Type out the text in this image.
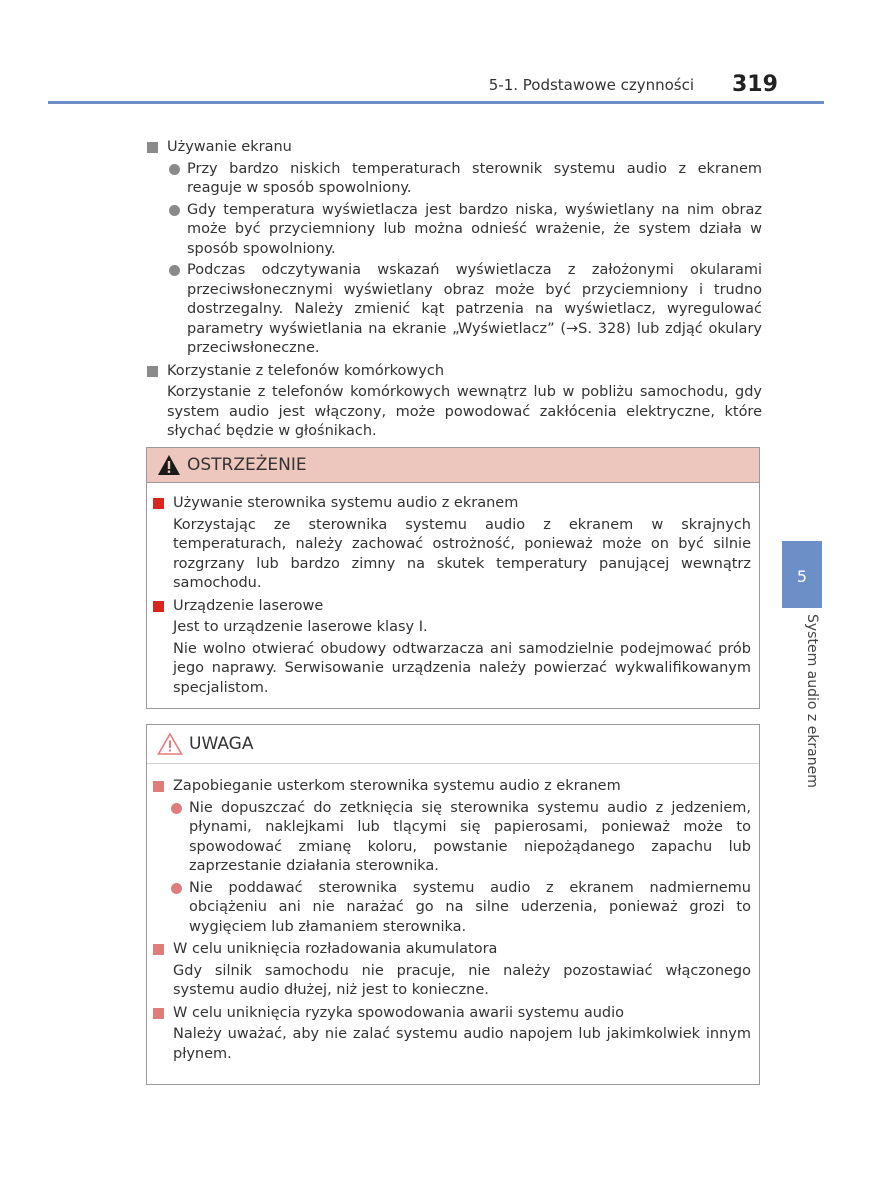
5-1. Podstawowe czynności 319
5
System audio z ekranem
Używanie ekranu
Przy bardzo niskich temperaturach sterownik systemu audio z ekranem reaguje w sposób spowolniony.
Gdy temperatura wyświetlacza jest bardzo niska, wyświetlany na nim obraz może być przyciemniony lub można odnieść wrażenie, że system działa w sposób spowolniony.
Podczas odczytywania wskazań wyświetlacza z założonymi okularami przeciwsłonecznymi wyświetlany obraz może być przyciemniony i trudno dostrzegalny. Należy zmienić kąt patrzenia na wyświetlacz, wyregulować parametry wyświetlania na ekranie „Wyświetlacz” (→S. 328) lub zdjąć okulary przeciwsłoneczne.
Korzystanie z telefonów komórkowych
Korzystanie z telefonów komórkowych wewnątrz lub w pobliżu samochodu, gdy system audio jest włączony, może powodować zakłócenia elektryczne, które słychać będzie w głośnikach.
OSTRZEŻENIE
Używanie sterownika systemu audio z ekranem
Korzystając ze sterownika systemu audio z ekranem w skrajnych temperaturach, należy zachować ostrożność, ponieważ może on być silnie rozgrzany lub bardzo zimny na skutek temperatury panującej wewnątrz samochodu.
Urządzenie laserowe
Jest to urządzenie laserowe klasy I.
Nie wolno otwierać obudowy odtwarzacza ani samodzielnie podejmować prób jego naprawy. Serwisowanie urządzenia należy powierzać wykwalifikowanym specjalistom.
UWAGA
Zapobieganie usterkom sterownika systemu audio z ekranem
Nie dopuszczać do zetknięcia się sterownika systemu audio z jedzeniem, płynami, naklejkami lub tlącymi się papierosami, ponieważ może to spowodować zmianę koloru, powstanie niepożądanego zapachu lub zaprzestanie działania sterownika.
Nie poddawać sterownika systemu audio z ekranem nadmiernemu obciążeniu ani nie narażać go na silne uderzenia, ponieważ grozi to wygięciem lub złamaniem sterownika.
W celu uniknięcia rozładowania akumulatora
Gdy silnik samochodu nie pracuje, nie należy pozostawiać włączonego systemu audio dłużej, niż jest to konieczne.
W celu uniknięcia ryzyka spowodowania awarii systemu audio
Należy uważać, aby nie zalać systemu audio napojem lub jakimkolwiek innym płynem.
